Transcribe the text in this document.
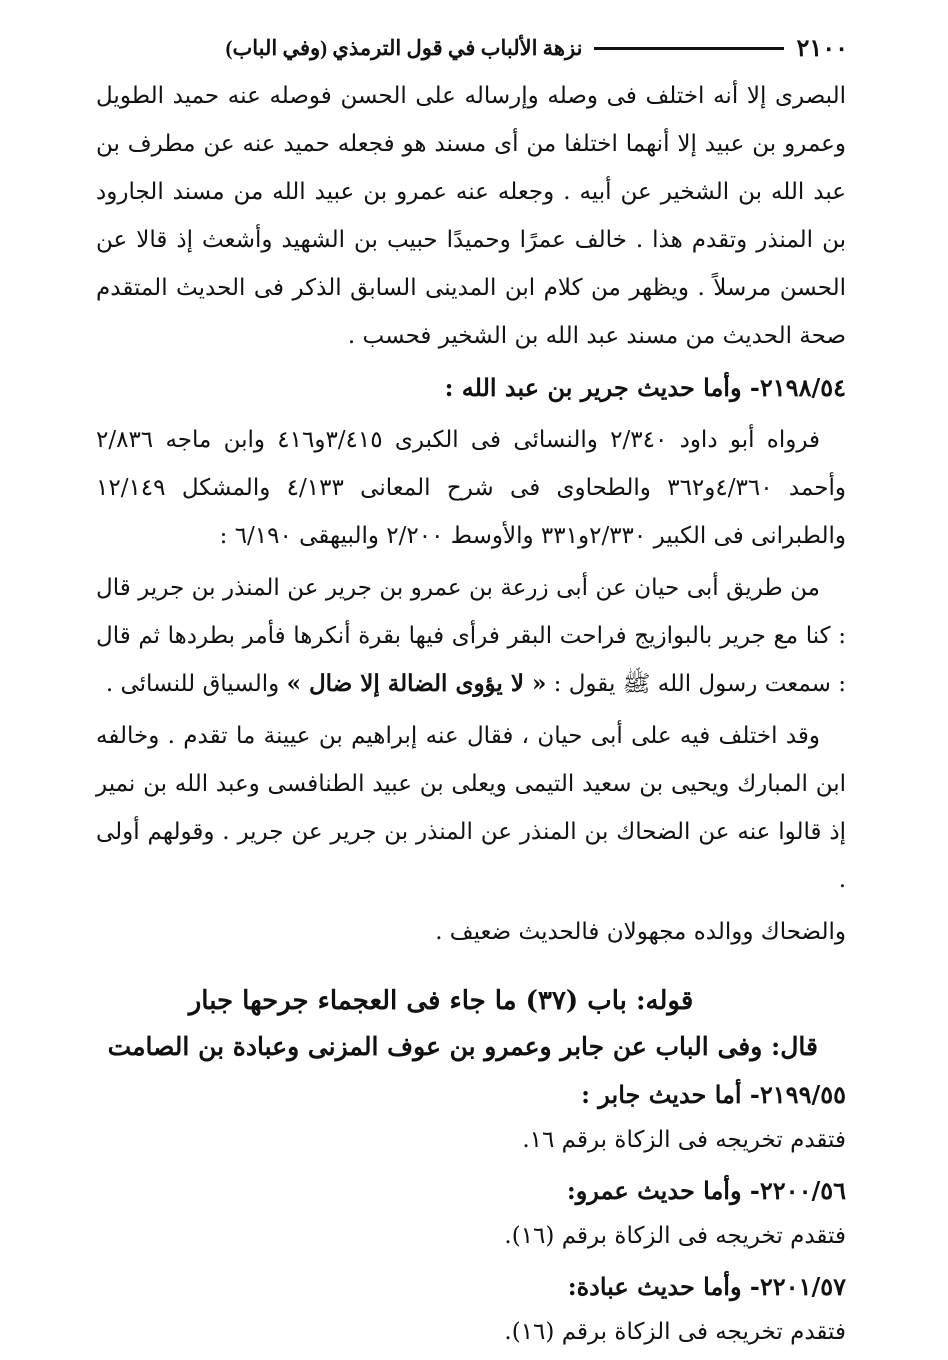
٢١٠٠
نزهة الألباب في قول الترمذي (وفي الباب)

البصرى إلا أنه اختلف فى وصله وإرساله على الحسن فوصله عنه حميد الطويل وعمرو بن عبيد إلا أنهما اختلفا من أى مسند هو فجعله حميد عنه عن مطرف بن عبد الله بن الشخير عن أبيه . وجعله عنه عمرو بن عبيد الله من مسند الجارود بن المنذر وتقدم هذا . خالف عمرًا وحميدًا حبيب بن الشهيد وأشعث إذ قالا عن الحسن مرسلاً . ويظهر من كلام ابن المدينى السابق الذكر فى الحديث المتقدم صحة الحديث من مسند عبد الله بن الشخير فحسب .

٢١٩٨/٥٤- وأما حديث جرير بن عبد الله :

فرواه أبو داود ٢/٣٤٠ والنسائى فى الكبرى ٣/٤١٥و٤١٦ وابن ماجه ٢/٨٣٦ وأحمد ٤/٣٦٠و٣٦٢ والطحاوى فى شرح المعانى ٤/١٣٣ والمشكل ١٢/١٤٩ والطبرانى فى الكبير ٢/٣٣٠و٣٣١ والأوسط ٢/٢٠٠ والبيهقى ٦/١٩٠ :

من طريق أبى حيان عن أبى زرعة بن عمرو بن جرير عن المنذر بن جرير قال : كنا مع جرير بالبوازيج فراحت البقر فرأى فيها بقرة أنكرها فأمر بطردها ثم قال : سمعت رسول الله ﷺ يقول : « لا يؤوى الضالة إلا ضال » والسياق للنسائى .

وقد اختلف فيه على أبى حيان ، فقال عنه إبراهيم بن عيينة ما تقدم . وخالفه ابن المبارك ويحيى بن سعيد التيمى ويعلى بن عبيد الطنافسى وعبد الله بن نمير إذ قالوا عنه عن الضحاك بن المنذر عن المنذر بن جرير عن جرير . وقولهم أولى .

والضحاك ووالده مجهولان فالحديث ضعيف .

قوله: باب (٣٧) ما جاء فى العجماء جرحها جبار
قال: وفى الباب عن جابر وعمرو بن عوف المزنى وعبادة بن الصامت
٢١٩٩/٥٥- أما حديث جابر :
فتقدم تخريجه فى الزكاة برقم ١٦.
٢٢٠٠/٥٦- وأما حديث عمرو:
فتقدم تخريجه فى الزكاة برقم (١٦).
٢٢٠١/٥٧- وأما حديث عبادة:
فتقدم تخريجه فى الزكاة برقم (١٦).
